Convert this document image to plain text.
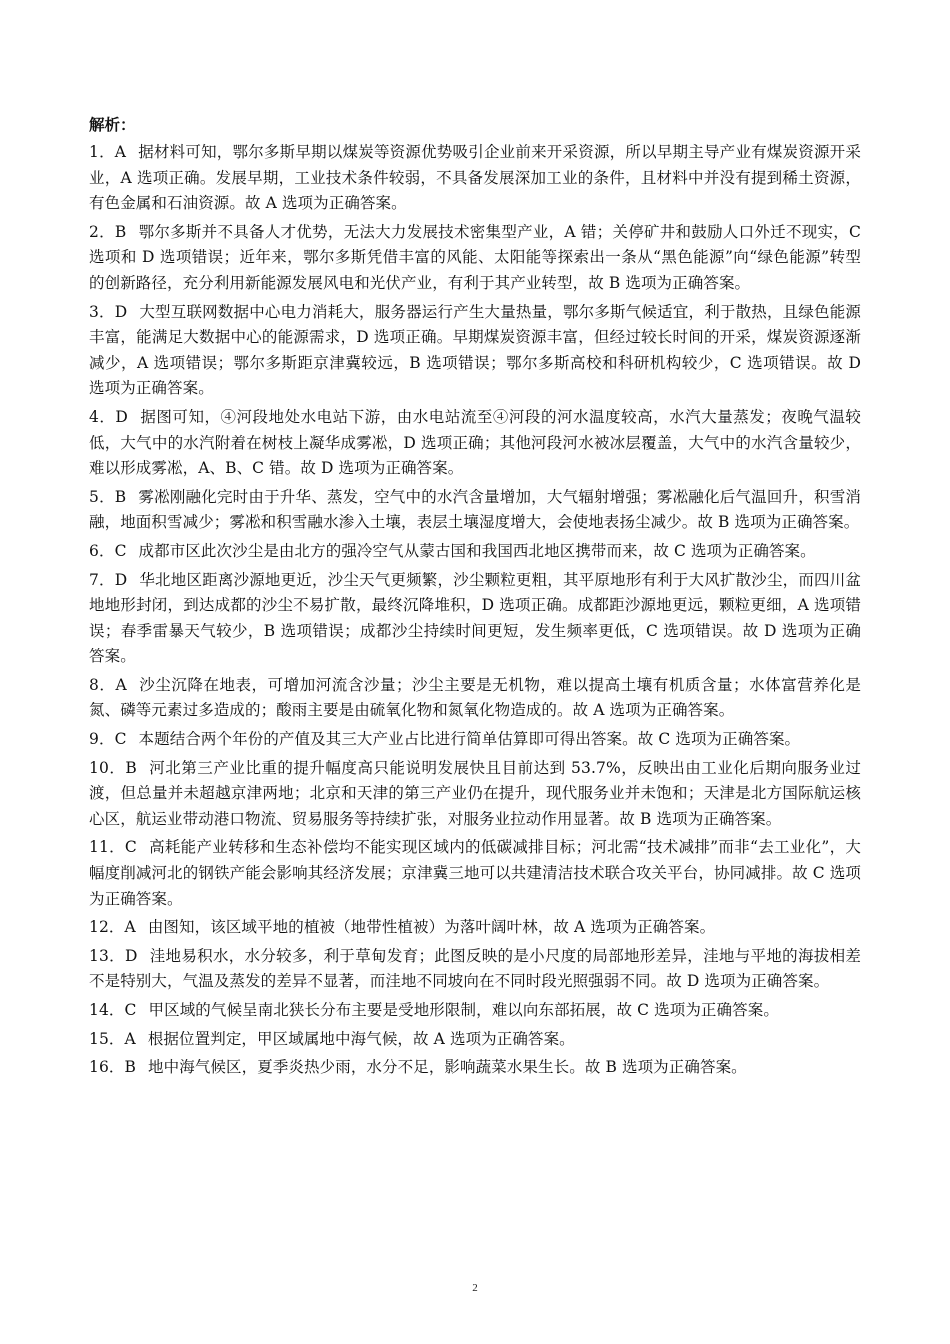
解析：
1．A 据材料可知，鄂尔多斯早期以煤炭等资源优势吸引企业前来开采资源，所以早期主导产业有煤炭资源开采业，A 选项正确。发展早期，工业技术条件较弱，不具备发展深加工业的条件，且材料中并没有提到稀土资源，有色金属和石油资源。故 A 选项为正确答案。
2．B 鄂尔多斯并不具备人才优势，无法大力发展技术密集型产业，A 错；关停矿井和鼓励人口外迁不现实，C 选项和 D 选项错误；近年来，鄂尔多斯凭借丰富的风能、太阳能等探索出一条从“黑色能源”向“绿色能源”转型的创新路径，充分利用新能源发展风电和光伏产业，有利于其产业转型，故 B 选项为正确答案。
3．D 大型互联网数据中心电力消耗大，服务器运行产生大量热量，鄂尔多斯气候适宜，利于散热，且绿色能源丰富，能满足大数据中心的能源需求，D 选项正确。早期煤炭资源丰富，但经过较长时间的开采，煤炭资源逐渐减少，A 选项错误；鄂尔多斯距京津冀较远，B 选项错误；鄂尔多斯高校和科研机构较少，C 选项错误。故 D 选项为正确答案。
4．D 据图可知，④河段地处水电站下游，由水电站流至④河段的河水温度较高，水汽大量蒸发；夜晚气温较低，大气中的水汽附着在树枝上凝华成雾凇，D 选项正确；其他河段河水被冰层覆盖，大气中的水汽含量较少，难以形成雾凇，A、B、C 错。故 D 选项为正确答案。
5．B 雾凇刚融化完时由于升华、蒸发，空气中的水汽含量增加，大气辐射增强；雾凇融化后气温回升，积雪消融，地面积雪减少；雾凇和积雪融水渗入土壤，表层土壤湿度增大，会使地表扬尘减少。故 B 选项为正确答案。
6．C 成都市区此次沙尘是由北方的强冷空气从蒙古国和我国西北地区携带而来，故 C 选项为正确答案。
7．D 华北地区距离沙源地更近，沙尘天气更频繁，沙尘颗粒更粗，其平原地形有利于大风扩散沙尘，而四川盆地地形封闭，到达成都的沙尘不易扩散，最终沉降堆积，D 选项正确。成都距沙源地更远，颗粒更细，A 选项错误；春季雷暴天气较少，B 选项错误；成都沙尘持续时间更短，发生频率更低，C 选项错误。故 D 选项为正确答案。
8．A 沙尘沉降在地表，可增加河流含沙量；沙尘主要是无机物，难以提高土壤有机质含量；水体富营养化是氮、磷等元素过多造成的；酸雨主要是由硫氧化物和氮氧化物造成的。故 A 选项为正确答案。
9．C 本题结合两个年份的产值及其三大产业占比进行简单估算即可得出答案。故 C 选项为正确答案。
10．B 河北第三产业比重的提升幅度高只能说明发展快且目前达到 53.7%，反映出由工业化后期向服务业过渡，但总量并未超越京津两地；北京和天津的第三产业仍在提升，现代服务业并未饱和；天津是北方国际航运核心区，航运业带动港口物流、贸易服务等持续扩张，对服务业拉动作用显著。故 B 选项为正确答案。
11．C 高耗能产业转移和生态补偿均不能实现区域内的低碳减排目标；河北需“技术减排”而非“去工业化”，大幅度削减河北的钢铁产能会影响其经济发展；京津冀三地可以共建清洁技术联合攻关平台，协同减排。故 C 选项为正确答案。
12．A 由图知，该区域平地的植被（地带性植被）为落叶阔叶林，故 A 选项为正确答案。
13．D 洼地易积水，水分较多，利于草甸发育；此图反映的是小尺度的局部地形差异，洼地与平地的海拔相差不是特别大，气温及蒸发的差异不显著，而洼地不同坡向在不同时段光照强弱不同。故 D 选项为正确答案。
14．C 甲区域的气候呈南北狭长分布主要是受地形限制，难以向东部拓展，故 C 选项为正确答案。
15．A 根据位置判定，甲区域属地中海气候，故 A 选项为正确答案。
16．B 地中海气候区，夏季炎热少雨，水分不足，影响蔬菜水果生长。故 B 选项为正确答案。
2
